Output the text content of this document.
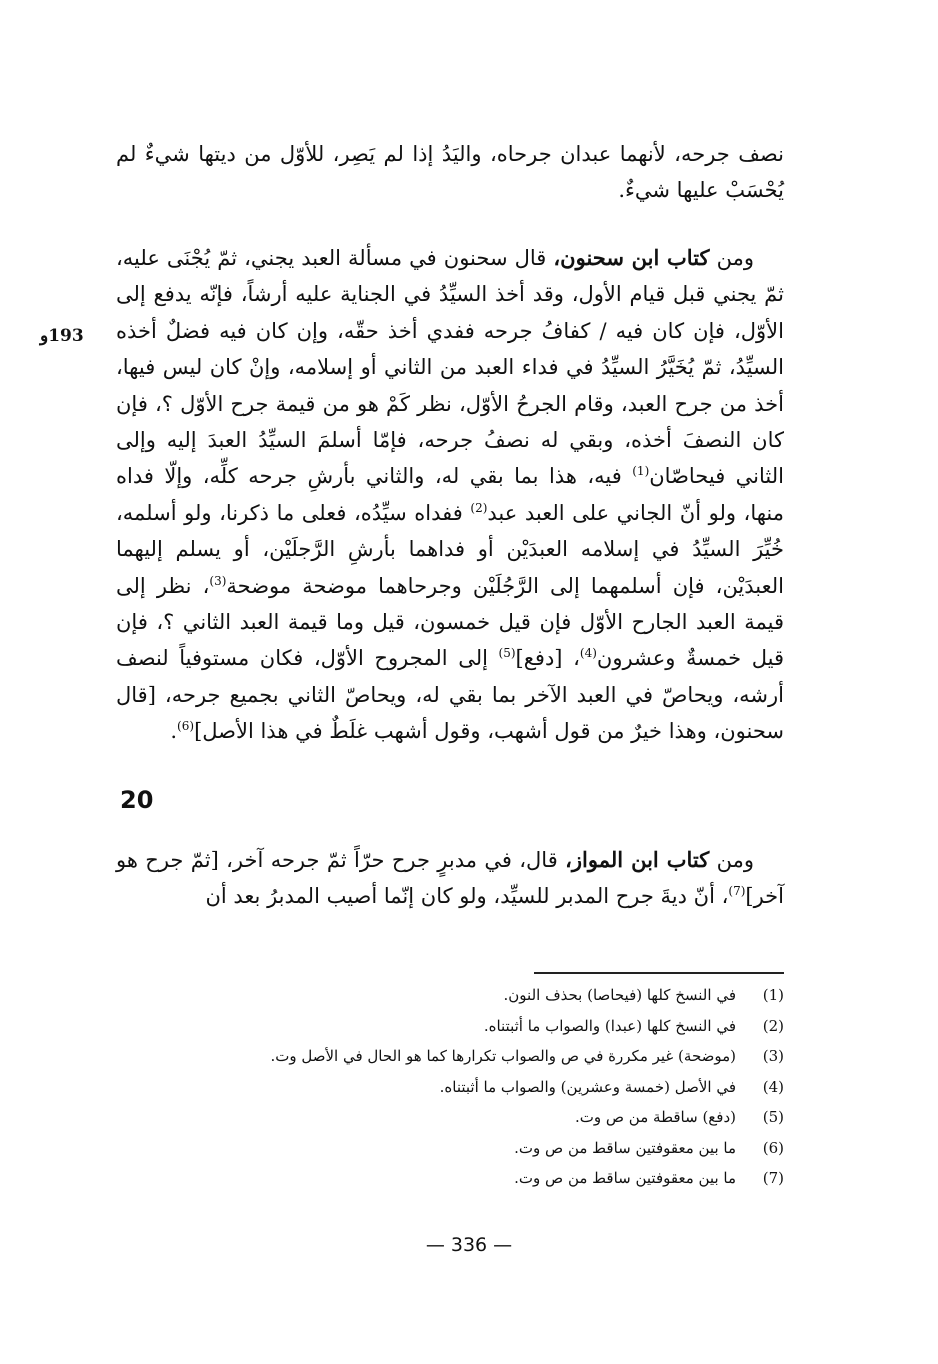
نصف جرحه، لأنهما عبدان جرحاه، واليَدُ إذا لم يَصِر، للأوّل من ديتها شيءٌ لم يُحْسَبْ عليها شيءٌ.

ومن كتاب ابن سحنون، قال سحنون في مسألة العبد يجني، ثمّ يُجْنَى عليه، ثمّ يجني قبل قيام الأول، وقد أخذ السيِّدُ في الجناية عليه أرشاً، فإنّه يدفع إلى الأوّل، فإن كان فيه / كفافُ جرحه ففدي أخذ حقّه، وإن كان فيه فضلٌ أخذه السيِّدُ، ثمّ يُخَيَّرُ السيِّدُ في فداء العبد من الثاني أو إسلامه، وإنْ كان ليس فيها، أخذ من جرح العبد، وقام الجرحُ الأوّل، نظر كَمْ هو من قيمة جرح الأوّل ؟، فإن كان النصفَ أخذه، وبقي له نصفُ جرحه، فإمّا أسلمَ السيِّدُ العبدَ إليه وإلى الثاني فيحاصّان$^{(1)}$ فيه، هذا بما بقي له، والثاني بأرشِ جرحه كلِّه، وإلّا فداه منها، ولو أنّ الجاني على العبد عبد$^{(2)}$ ففداه سيِّدُه، فعلى ما ذكرنا، ولو أسلمه، خُيِّرَ السيِّدُ في إسلامه العبدَيْن أو فداهما بأرشِ الرَّجلَيْن، أو يسلم إليهما العبدَيْن، فإن أسلمهما إلى الرَّجُلَيْن وجرحاهما موضحة موضحة$^{(3)}$، نظر إلى قيمة العبد الجارح الأوّل فإن قيل خمسون، قيل وما قيمة العبد الثاني ؟، فإن قيل خمسةٌ وعشرون$^{(4)}$، [دفع]$^{(5)}$ إلى المجروح الأوّل، فكان مستوفياً لنصف أرشه، ويحاصّ في العبد الآخر بما بقي له، ويحاصّ الثاني بجميع جرحه، [قال سحنون، وهذا خيرٌ من قول أشهب، وقول أشهب غلَطٌ في هذا الأصل]$^{(6)}$.

193و
20

ومن كتاب ابن المواز، قال، في مدبرٍ جرح حرّاً ثمّ جرحه آخر، [ثمّ جرح هو آخر]$^{(7)}$، أنّ ديةَ جرح المدبر للسيِّد، ولو كان إنّما أصيب المدبرُ بعد أن

(1)
في النسخ كلها (فيحاصا) بحذف النون.
(2)
في النسخ كلها (عبدا) والصواب ما أثبتناه.
(3)
(موضحة) غير مكررة في ص والصواب تكرارها كما هو الحال في الأصل وت.
(4)
في الأصل (خمسة وعشرين) والصواب ما أثبتناه.
(5)
(دفع) ساقطة من ص وت.
(6)
ما بين معقوفتين ساقط من ص وت.
(7)
ما بين معقوفتين ساقط من ص وت.
— 336 —
